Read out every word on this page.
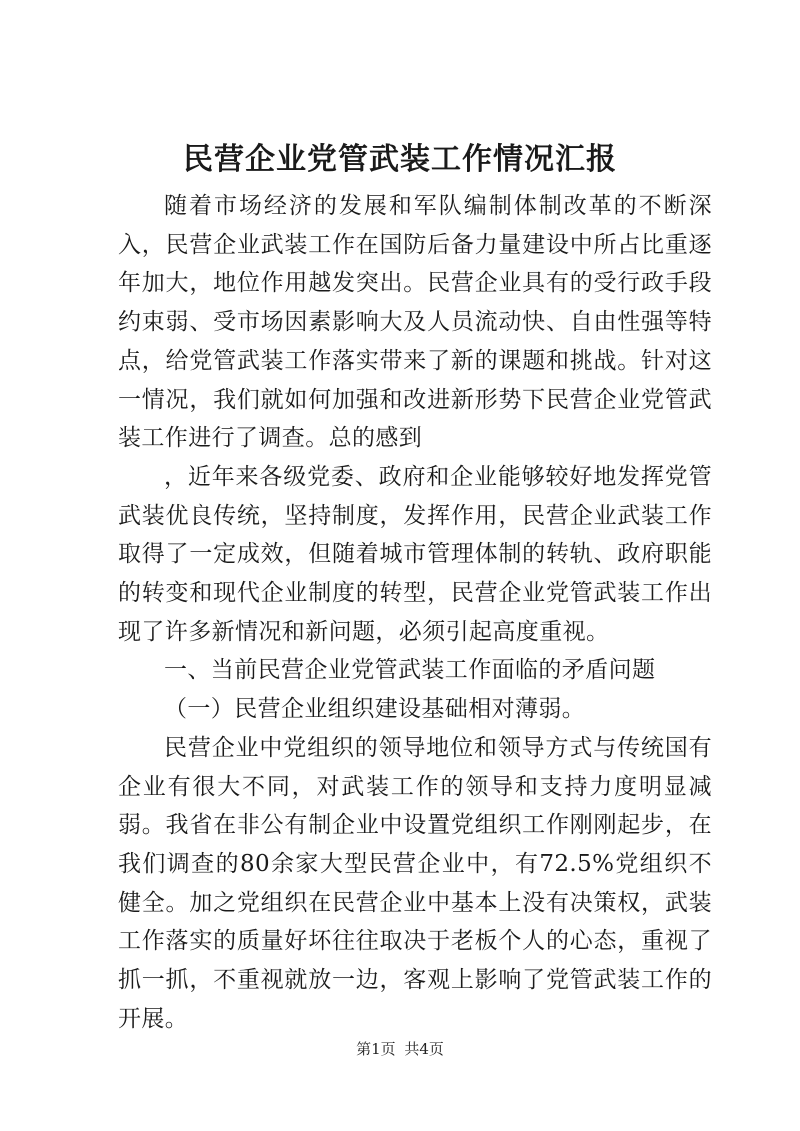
民营企业党管武装工作情况汇报

随着市场经济的发展和军队编制体制改革的不断深入，民营企业武装工作在国防后备力量建设中所占比重逐年加大，地位作用越发突出。民营企业具有的受行政手段约束弱、受市场因素影响大及人员流动快、自由性强等特点，给党管武装工作落实带来了新的课题和挑战。针对这一情况，我们就如何加强和改进新形势下民营企业党管武装工作进行了调查。总的感到

，近年来各级党委、政府和企业能够较好地发挥党管武装优良传统，坚持制度，发挥作用，民营企业武装工作取得了一定成效，但随着城市管理体制的转轨、政府职能的转变和现代企业制度的转型，民营企业党管武装工作出现了许多新情况和新问题，必须引起高度重视。

一、当前民营企业党管武装工作面临的矛盾问题

（一）民营企业组织建设基础相对薄弱。

民营企业中党组织的领导地位和领导方式与传统国有企业有很大不同，对武装工作的领导和支持力度明显减弱。我省在非公有制企业中设置党组织工作刚刚起步，在我们调查的80余家大型民营企业中，有72.5%党组织不健全。加之党组织在民营企业中基本上没有决策权，武装工作落实的质量好坏往往取决于老板个人的心态，重视了抓一抓，不重视就放一边，客观上影响了党管武装工作的开展。

第1页 共4页
